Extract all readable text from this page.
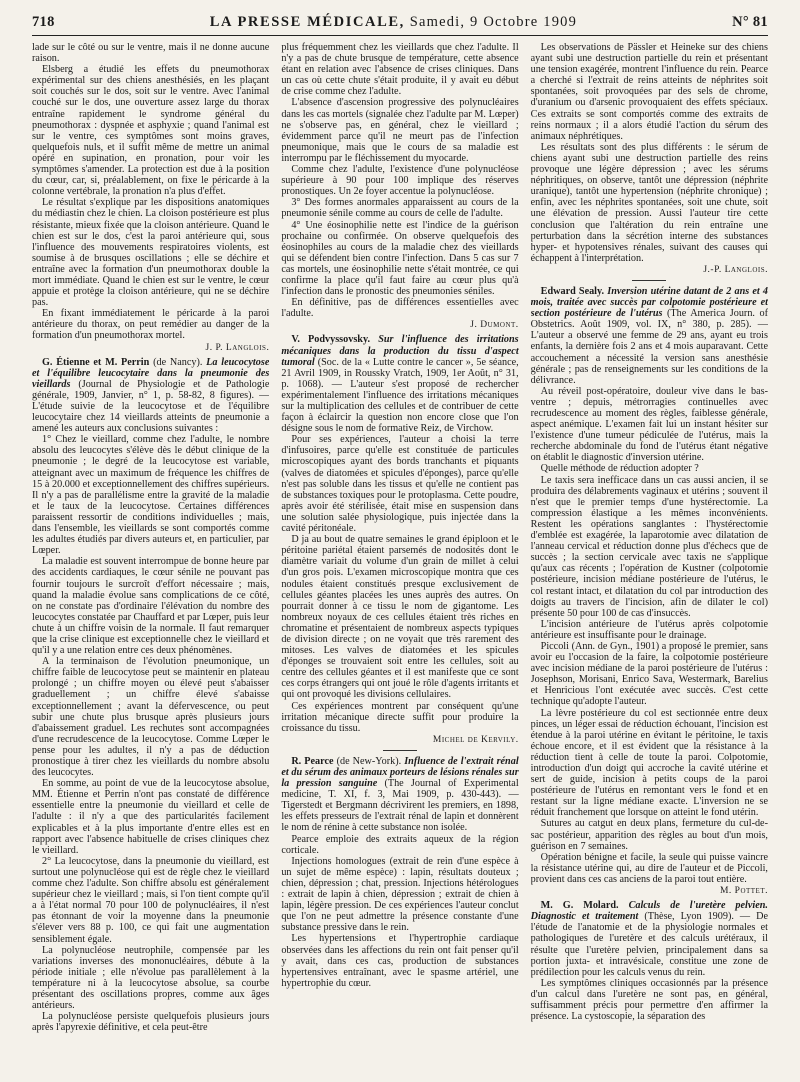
718	LA PRESSE MÉDICALE, Samedi, 9 Octobre 1909	N° 81

lade sur le côté ou sur le ventre, mais il ne donne aucune raison.

Elsberg a étudié les effets du pneumothorax expérimental sur des chiens anesthésiés, en les plaçant soit couchés sur le dos, soit sur le ventre. Avec l'animal couché sur le dos, une ouverture assez large du thorax entraîne rapidement le syndrome général du pneumothorax : dyspnée et asphyxie ; quand l'animal est sur le ventre, ces symptômes sont moins graves, quelquefois nuls, et il suffit même de mettre un animal opéré en supination, en pronation, pour voir les symptômes s'amender. La protection est due à la position du cœur, car, si, préalablement, on fixe le péricarde à la colonne vertébrale, la pronation n'a plus d'effet.

Le résultat s'explique par les dispositions anatomiques du médiastin chez le chien. La cloison postérieure est plus résistante, mieux fixée que la cloison antérieure. Quand le chien est sur le dos, c'est la paroi antérieure qui, sous l'influence des mouvements respiratoires violents, est soumise à de brusques oscillations ; elle se déchire et entraîne avec la formation d'un pneumothorax double la mort immédiate. Quand le chien est sur le ventre, le cœur appuie et protège la cloison antérieure, qui ne se déchire pas.

En fixant immédiatement le péricarde à la paroi antérieure du thorax, on peut remédier au danger de la formation d'un pneumothorax mortel.

J. P. Langlois.

G. Étienne et M. Perrin (de Nancy). La leucocytose et l'équilibre leucocytaire dans la pneumonie des vieillards (Journal de Physiologie et de Pathologie générale, 1909, Janvier, n° 1, p. 58-82, 8 figures). — L'étude suivie de la leucocytose et de l'équilibre leucocytaire chez 14 vieillards atteints de pneumonie a amené les auteurs aux conclusions suivantes :

1° Chez le vieillard, comme chez l'adulte, le nombre absolu des leucocytes s'élève dès le début clinique de la pneumonie ; le degré de la leucocytose est variable, atteignant avec un maximum de fréquence les chiffres de 15 à 20.000 et exceptionnellement des chiffres supérieurs. Il n'y a pas de parallélisme entre la gravité de la maladie et le taux de la leucocytose. Certaines différences paraissent ressortir de conditions individuelles ; mais, dans l'ensemble, les vieillards se sont comportés comme les adultes étudiés par divers auteurs et, en particulier, par Lœper.

La maladie est souvent interrompue de bonne heure par des accidents cardiaques, le cœur sénile ne pouvant pas fournir toujours le surcroît d'effort nécessaire ; mais, quand la maladie évolue sans complications de ce côté, on ne constate pas d'ordinaire l'élévation du nombre des leucocytes constatée par Chauffard et par Lœper, puis leur chute à un chiffre voisin de la normale. Il faut remarquer que la crise clinique est exceptionnelle chez le vieillard et qu'il y a une relation entre ces deux phénomènes.

A la terminaison de l'évolution pneumonique, un chiffre faible de leucocytose peut se maintenir en plateau prolongé ; un chiffre moyen ou élevé peut s'abaisser graduellement ; un chiffre élevé s'abaisse exceptionnellement ; avant la défervescence, ou peut subir une chute plus brusque après plusieurs jours d'abaissement graduel. Les rechutes sont accompagnées d'une recrudescence de la leucocytose. Comme Lœper le pense pour les adultes, il n'y a pas de déduction pronostique à tirer chez les vieillards du nombre absolu des leucocytes.

En somme, au point de vue de la leucocytose absolue, MM. Étienne et Perrin n'ont pas constaté de différence essentielle entre la pneumonie du vieillard et celle de l'adulte : il n'y a que des particularités facilement explicables et à la plus importante d'entre elles est en rapport avec l'absence habituelle de crises cliniques chez le vieillard.

2° La leucocytose, dans la pneumonie du vieillard, est surtout une polynucléose qui est de règle chez le vieillard comme chez l'adulte. Son chiffre absolu est généralement supérieur chez le vieillard ; mais, si l'on tient compte qu'il a à l'état normal 70 pour 100 de polynucléaires, il n'est pas étonnant de voir la moyenne dans la pneumonie s'élever vers 88 p. 100, ce qui fait une augmentation sensiblement égale.

La polynucléose neutrophile, compensée par les variations inverses des mononucléaires, débute à la période initiale ; elle n'évolue pas parallèlement à la température ni à la leucocytose absolue, sa courbe présentant des oscillations propres, comme aux âges antérieurs.

La polynucléose persiste quelquefois plusieurs jours après l'apyrexie définitive, et cela peut-être

plus fréquemment chez les vieillards que chez l'adulte. Il n'y a pas de chute brusque de température, cette absence étant en relation avec l'absence de crises cliniques. Dans un cas où cette chute s'était produite, il y avait eu début de crise comme chez l'adulte.

L'absence d'ascension progressive des polynucléaires dans les cas mortels (signalée chez l'adulte par M. Lœper) ne s'observe pas, en général, chez le vieillard ; évidemment parce qu'il ne meurt pas de l'infection pneumonique, mais que le cours de sa maladie est interrompu par le fléchissement du myocarde.

Comme chez l'adulte, l'existence d'une polynucléose supérieure à 90 pour 100 implique des réserves pronostiques. Un 2e foyer accentue la polynucléose.

3° Des formes anormales apparaissent au cours de la pneumonie sénile comme au cours de celle de l'adulte.

4° Une éosinophilie nette est l'indice de la guérison prochaine ou confirmée. On observe quelquefois des éosinophiles au cours de la maladie chez des vieillards qui se défendent bien contre l'infection. Dans 5 cas sur 7 cas mortels, une éosinophilie nette s'était montrée, ce qui confirme la place qu'il faut faire au cœur plus qu'à l'infection dans le pronostic des pneumonies séniles.

En définitive, pas de différences essentielles avec l'adulte.

J. Dumont.

V. Podvyssovsky. Sur l'influence des irritations mécaniques dans la production du tissu d'aspect tumoral (Soc. de la « Lutte contre le cancer », 5e séance, 21 Avril 1909, in Roussky Vratch, 1909, 1er Août, n° 31, p. 1068). — L'auteur s'est proposé de rechercher expérimentalement l'influence des irritations mécaniques sur la multiplication des cellules et de contribuer de cette façon à éclaircir la question non encore close que l'on désigne sous le nom de formative Reiz, de Virchow.

Pour ses expériences, l'auteur a choisi la terre d'infusoires, parce qu'elle est constituée de particules microscopiques ayant des bords tranchants et piquants (valves de diatomées et spicules d'éponges), parce qu'elle n'est pas soluble dans les tissus et qu'elle ne contient pas de substances toxiques pour le protoplasma. Cette poudre, après avoir été stérilisée, était mise en suspension dans une solution salée physiologique, puis injectée dans la cavité péritonéale.

D ja au bout de quatre semaines le grand épiploon et le péritoine pariétal étaient parsemés de nodosités dont le diamètre variait du volume d'un grain de millet à celui d'un gros pois. L'examen microscopique montra que ces nodules étaient constitués presque exclusivement de cellules géantes placées les unes auprès des autres. On pourrait donner à ce tissu le nom de gigantome. Les nombreux noyaux de ces cellules étaient très riches en chromatine et présentaient de nombreux aspects typiques de division directe ; on ne voyait que très rarement des mitoses. Les valves de diatomées et les spicules d'éponges se trouvaient soit entre les cellules, soit au centre des cellules géantes et il est manifeste que ce sont ces corps étrangers qui ont joué le rôle d'agents irritants et qui ont provoqué les divisions cellulaires.

Ces expériences montrent par conséquent qu'une irritation mécanique directe suffit pour produire la croissance du tissu.

Michel de Kervily.

R. Pearce (de New-York). Influence de l'extrait rénal et du sérum des animaux porteurs de lésions rénales sur la pression sanguine (The Journal of Experimental medicine, T. XI, f. 3, Mai 1909, p. 430-443). — Tigerstedt et Bergmann décrivirent les premiers, en 1898, les effets presseurs de l'extrait rénal de lapin et donnèrent le nom de rénine à cette substance non isolée.

Pearce emploie des extraits aqueux de la région corticale.

Injections homologues (extrait de rein d'une espèce à un sujet de même espèce) : lapin, résultats douteux ; chien, dépression ; chat, pression. Injections hétérologues : extrait de lapin à chien, dépression ; extrait de chien à lapin, légère pression. De ces expériences l'auteur conclut que l'on ne peut admettre la présence constante d'une substance pressive dans le rein.

Les hypertensions et l'hypertrophie cardiaque observées dans les affections du rein ont fait penser qu'il y avait, dans ces cas, production de substances hypertensives entraînant, avec le spasme artériel, une hypertrophie du cœur.

Les observations de Pässler et Heineke sur des chiens ayant subi une destruction partielle du rein et présentant une tension exagérée, montrent l'influence du rein. Pearce a cherché si l'extrait de reins atteints de néphrites soit spontanées, soit provoquées par des sels de chrome, d'uranium ou d'arsenic provoquaient des effets spéciaux. Ces extraits se sont comportés comme des extraits de reins normaux ; il a alors étudié l'action du sérum des animaux néphrétiques.

Les résultats sont des plus différents : le sérum de chiens ayant subi une destruction partielle des reins provoque une légère dépression ; avec les sérums néphritiques, on observe, tantôt une dépression (néphrite uranique), tantôt une hypertension (néphrite chronique) ; enfin, avec les néphrites spontanées, soit une chute, soit une élévation de pression. Aussi l'auteur tire cette conclusion que l'altération du rein entraîne une perturbation dans la sécrétion interne des substances hyper- et hypotensives rénales, suivant des causes qui échappent à l'interprétation.

J.-P. Langlois.

Edward Sealy. Inversion utérine datant de 2 ans et 4 mois, traitée avec succès par colpotomie postérieure et section postérieure de l'utérus (The America Journ. of Obstetrics. Août 1909, vol. IX, n° 380, p. 285). — L'auteur a observé une femme de 29 ans, ayant eu trois enfants, la dernière fois 2 ans et 4 mois auparavant. Cette accouchement a nécessité la version sans anesthésie générale ; pas de renseignements sur les conditions de la délivrance.

Au réveil post-opératoire, douleur vive dans le bas-ventre ; depuis, métrorragies continuelles avec recrudescence au moment des règles, faiblesse générale, aspect anémique. L'examen fait lui un instant hésiter sur l'existence d'une tumeur pédiculée de l'utérus, mais la recherche abdominale du fond de l'utérus étant négative on établit le diagnostic d'inversion utérine.

Quelle méthode de réduction adopter ?

Le taxis sera inefficace dans un cas aussi ancien, il se produira des délabrements vaginaux et utérins ; souvent il n'est que le premier temps d'une hystérectomie. La compression élastique a les mêmes inconvénients. Restent les opérations sanglantes : l'hystérectomie d'emblée est exagérée, la laparotomie avec dilatation de l'anneau cervical et réduction donne plus d'échecs que de succès ; la section cervicale avec taxis ne s'applique qu'aux cas récents ; l'opération de Kustner (colpotomie postérieure, incision médiane postérieure de l'utérus, le col restant intact, et dilatation du col par introduction des doigts au travers de l'incision, afin de dilater le col) présente 50 pour 100 de cas d'insuccès.

L'incision antérieure de l'utérus après colpotomie antérieure est insuffisante pour le drainage.

Piccoli (Ann. de Gyn., 1901) a proposé le premier, sans avoir eu l'occasion de la faire, la colpotomie postérieure avec incision médiane de la paroi postérieure de l'utérus : Josephson, Morisani, Enrico Sava, Westermark, Barelius et Henricious l'ont exécutée avec succès. C'est cette technique qu'adopte l'auteur.

La lèvre postérieure du col est sectionnée entre deux pinces, un léger essai de réduction échouant, l'incision est étendue à la paroi utérine en évitant le péritoine, le taxis échoue encore, et il est évident que la résistance à la réduction tient à celle de toute la paroi. Colpotomie, introduction d'un doigt qui accroche la cavité utérine et sert de guide, incision à petits coups de la paroi postérieure de l'utérus en remontant vers le fond et en restant sur la ligne médiane exacte. L'inversion ne se réduit franchement que lorsque on atteint le fond utérin.

Sutures au catgut en deux plans, fermeture du cul-de-sac postérieur, apparition des règles au bout d'un mois, guérison en 7 semaines.

Opération bénigne et facile, la seule qui puisse vaincre la résistance utérine qui, au dire de l'auteur et de Piccoli, provient dans ces cas anciens de la paroi tout entière.

M. Pottet.

M. G. Molard. Calculs de l'uretère pelvien. Diagnostic et traitement (Thèse, Lyon 1909). — De l'étude de l'anatomie et de la physiologie normales et pathologiques de l'uretère et des calculs urétéraux, il résulte que l'uretère pelvien, principalement dans sa portion juxta- et intravésicale, constitue une zone de prédilection pour les calculs venus du rein.

Les symptômes cliniques occasionnés par la présence d'un calcul dans l'uretère ne sont pas, en général, suffisamment précis pour permettre d'en affirmer la présence. La cystoscopie, la séparation des
